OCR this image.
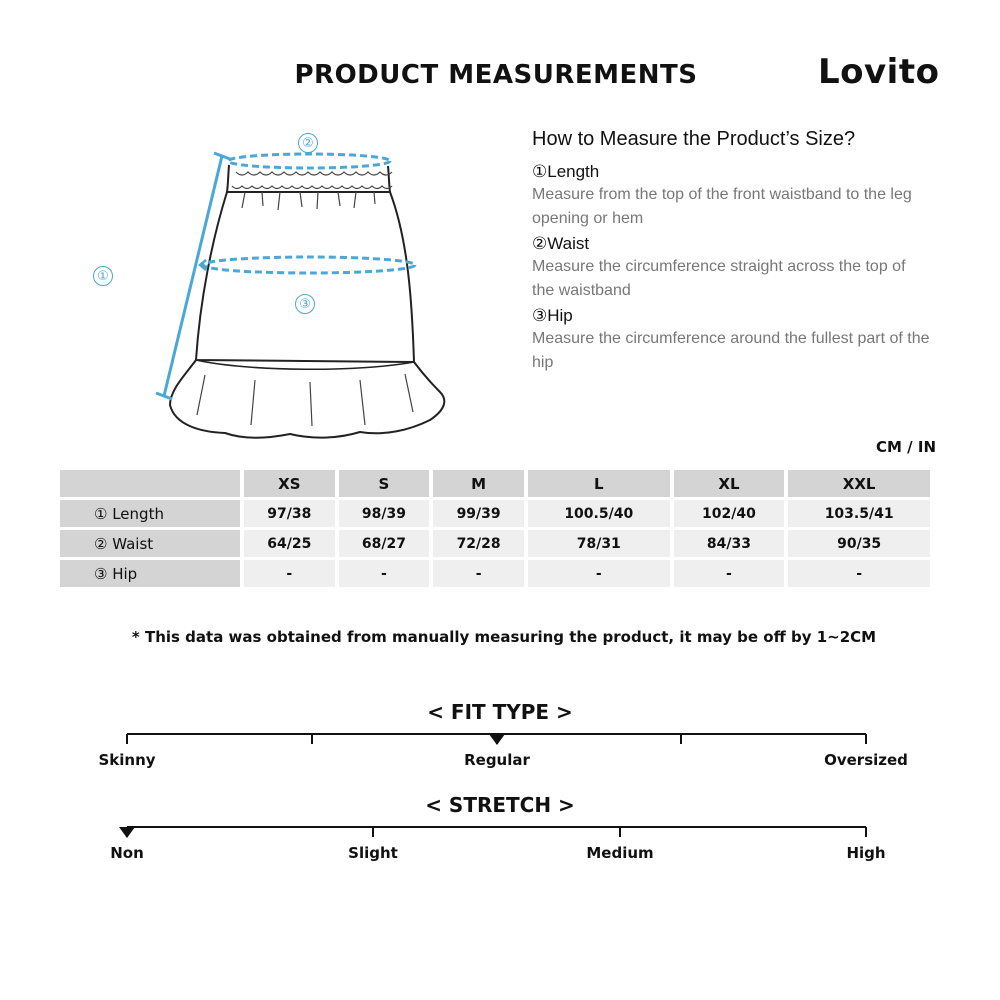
PRODUCT MEASUREMENTS	Lovito
②
①
③
How to Measure the Product’s Size?
①Length
Measure from the top of the front waistband to the leg opening or hem
②Waist
Measure the circumference straight across the top of the waistband
③Hip
Measure the circumference around the fullest part of the hip
CM / IN
	XS	S	M	L	XL	XXL
① Length	97/38	98/39	99/39	100.5/40	102/40	103.5/41
② Waist	64/25	68/27	72/28	78/31	84/33	90/35
③ Hip	-	-	-	-	-	-
* This data was obtained from manually measuring the product, it may be off by 1~2CM
< FIT TYPE >
Skinny	Regular	Oversized
< STRETCH >
Non	Slight	Medium	High
